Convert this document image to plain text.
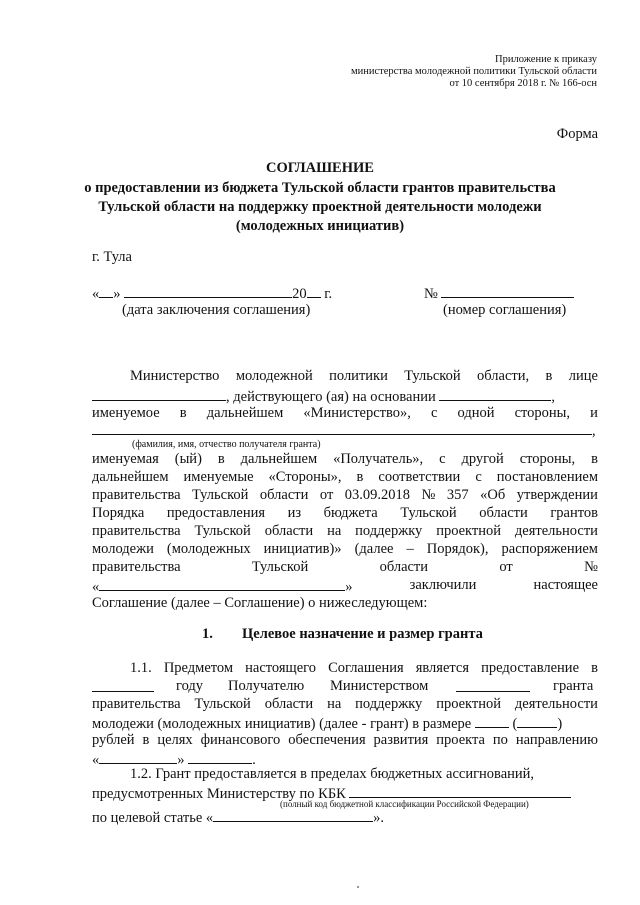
Приложение к приказу
министерства молодежной политики Тульской области
от 10 сентября 2018 г. № 166-осн
Форма
СОГЛАШЕНИЕ
о предоставлении из бюджета Тульской области грантов правительства
Тульской области на поддержку проектной деятельности молодежи
(молодежных инициатив)
г. Тула
« »	20 г.
(дата заключения соглашения)
№
(номер соглашения)
Министерство молодежной политики Тульской области, в лице
, действующего (ая) на основании	,
именуемое в дальнейшем «Министерство», с одной стороны, и
,
(фамилия, имя, отчество получателя гранта)
именуемая (ый) в дальнейшем «Получатель», с другой стороны, в
дальнейшем именуемые «Стороны», в соответствии с постановлением
правительства Тульской области от 03.09.2018 № 357 «Об утверждении
Порядка предоставления из бюджета Тульской области грантов
правительства Тульской области на поддержку проектной деятельности
молодежи (молодежных инициатив)» (далее – Порядок), распоряжением
правительства	Тульской	области	от	№
«	»	заключили	настоящее
Соглашение (далее – Соглашение) о нижеследующем:
1. Целевое назначение и размер гранта
1.1. Предметом настоящего Соглашения является предоставление в
году Получателю Министерством	гранта
правительства Тульской области на поддержку проектной деятельности
молодежи (молодежных инициатив) (далее - грант) в размере	(	)
рублей в целях финансового обеспечения развития проекта по направлению
«	»	.
1.2. Грант предоставляется в пределах бюджетных ассигнований,
предусмотренных Министерству по КБК
(полный код бюджетной классификации Российской Федерации)
по целевой статье «	».
